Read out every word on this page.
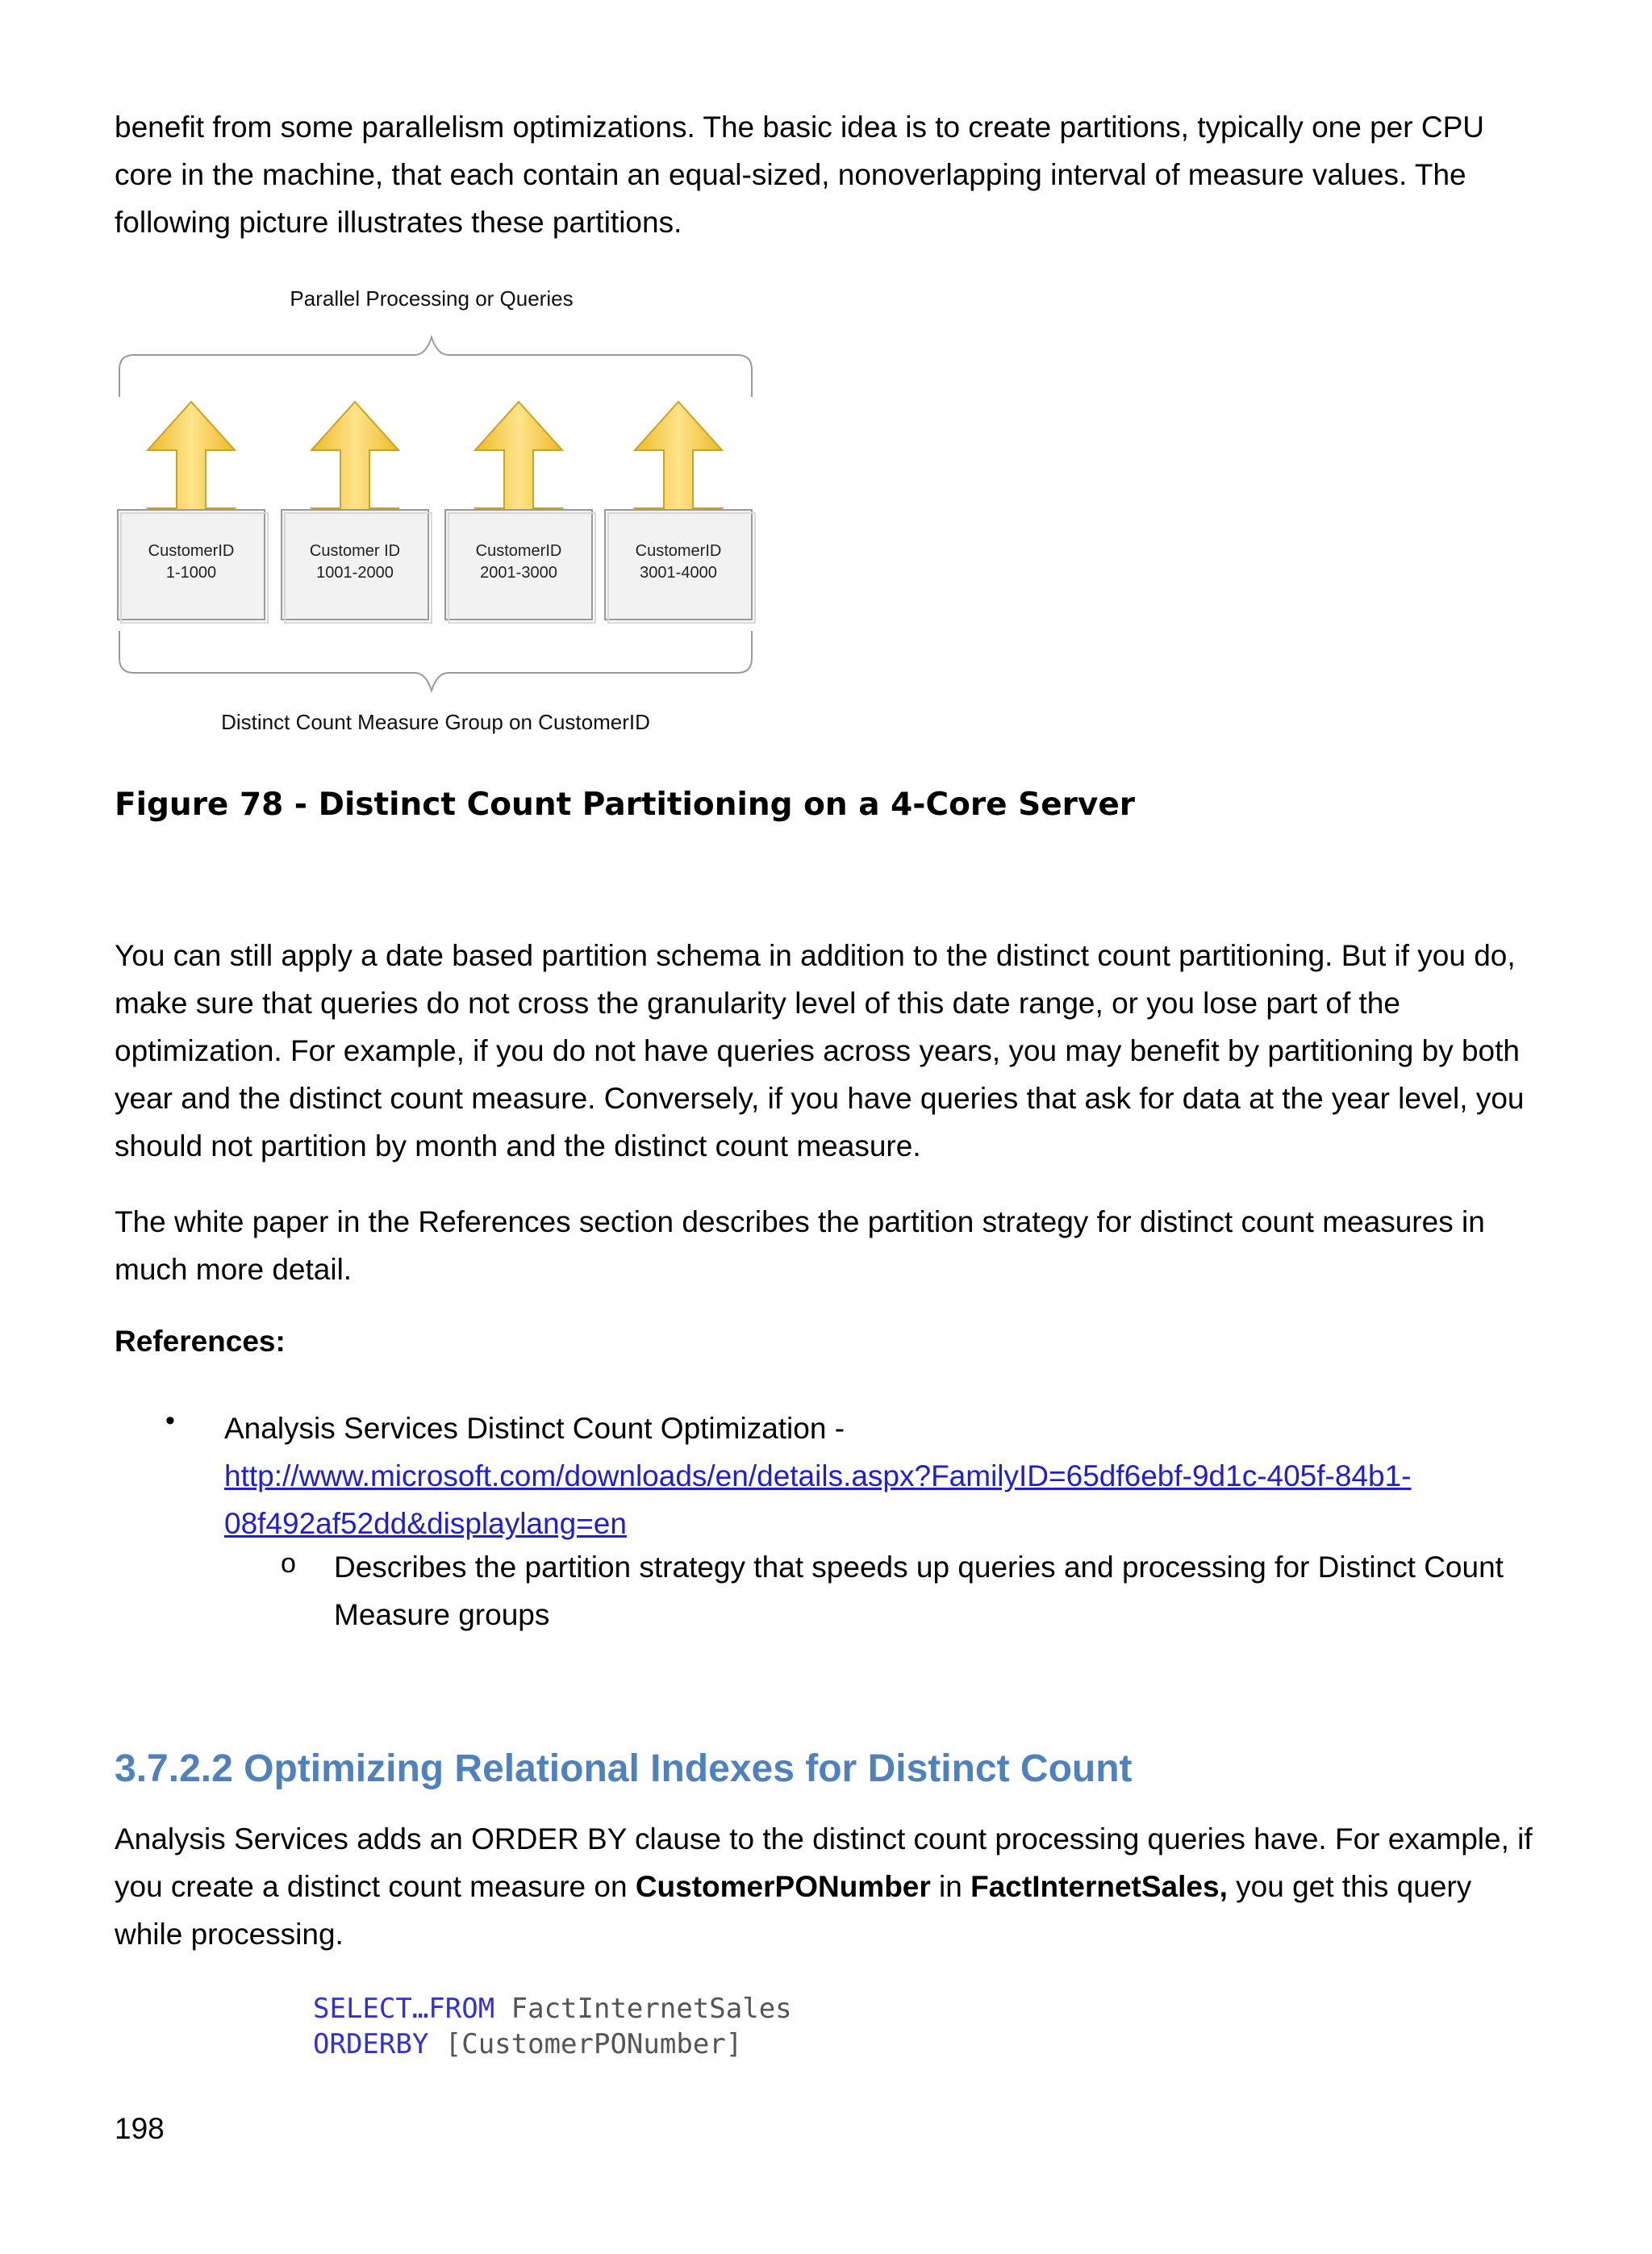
benefit from some parallelism optimizations. The basic idea is to create partitions, typically one per CPU core in the machine, that each contain an equal-sized, nonoverlapping interval of measure values. The following picture illustrates these partitions.

Parallel Processing or Queries
CustomerID
1-1000
Customer ID
1001-2000
CustomerID
2001-3000
CustomerID
3001-4000
Distinct Count Measure Group on CustomerID

Figure 78 - Distinct Count Partitioning on a 4-Core Server

You can still apply a date based partition schema in addition to the distinct count partitioning. But if you do, make sure that queries do not cross the granularity level of this date range, or you lose part of the optimization. For example, if you do not have queries across years, you may benefit by partitioning by both year and the distinct count measure. Conversely, if you have queries that ask for data at the year level, you should not partition by month and the distinct count measure.

The white paper in the References section describes the partition strategy for distinct count measures in much more detail.

References:

• Analysis Services Distinct Count Optimization -
http://www.microsoft.com/downloads/en/details.aspx?FamilyID=65df6ebf-9d1c-405f-84b1-
08f492af52dd&displaylang=en
o Describes the partition strategy that speeds up queries and processing for Distinct Count Measure groups

3.7.2.2 Optimizing Relational Indexes for Distinct Count

Analysis Services adds an ORDER BY clause to the distinct count processing queries have. For example, if you create a distinct count measure on CustomerPONumber in FactInternetSales, you get this query while processing.

SELECT…FROM FactInternetSales
ORDERBY [CustomerPONumber]

198
